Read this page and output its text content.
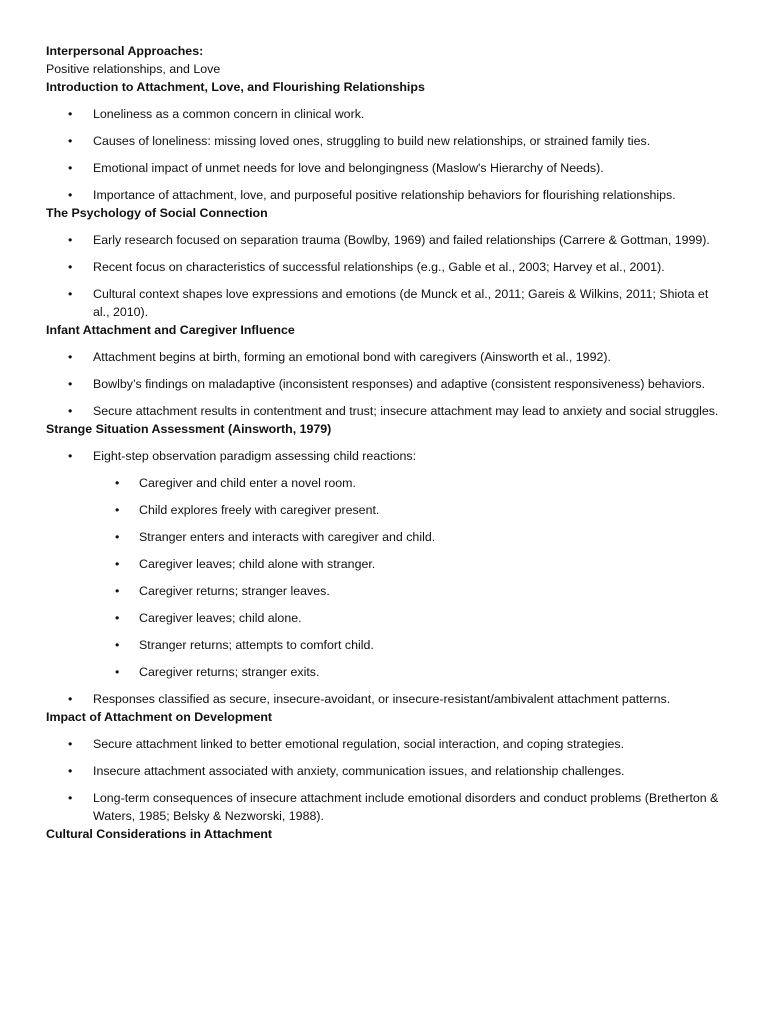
Interpersonal Approaches:
Positive relationships, and Love
Introduction to Attachment, Love, and Flourishing Relationships
• Loneliness as a common concern in clinical work.
• Causes of loneliness: missing loved ones, struggling to build new relationships, or strained family ties.
• Emotional impact of unmet needs for love and belongingness (Maslow's Hierarchy of Needs).
• Importance of attachment, love, and purposeful positive relationship behaviors for flourishing relationships.
The Psychology of Social Connection
• Early research focused on separation trauma (Bowlby, 1969) and failed relationships (Carrere & Gottman, 1999).
• Recent focus on characteristics of successful relationships (e.g., Gable et al., 2003; Harvey et al., 2001).
• Cultural context shapes love expressions and emotions (de Munck et al., 2011; Gareis & Wilkins, 2011; Shiota et al., 2010).
Infant Attachment and Caregiver Influence
• Attachment begins at birth, forming an emotional bond with caregivers (Ainsworth et al., 1992).
• Bowlby’s findings on maladaptive (inconsistent responses) and adaptive (consistent responsiveness) behaviors.
• Secure attachment results in contentment and trust; insecure attachment may lead to anxiety and social struggles.
Strange Situation Assessment (Ainsworth, 1979)
• Eight-step observation paradigm assessing child reactions:
• Caregiver and child enter a novel room.
• Child explores freely with caregiver present.
• Stranger enters and interacts with caregiver and child.
• Caregiver leaves; child alone with stranger.
• Caregiver returns; stranger leaves.
• Caregiver leaves; child alone.
• Stranger returns; attempts to comfort child.
• Caregiver returns; stranger exits.
• Responses classified as secure, insecure-avoidant, or insecure-resistant/ambivalent attachment patterns.
Impact of Attachment on Development
• Secure attachment linked to better emotional regulation, social interaction, and coping strategies.
• Insecure attachment associated with anxiety, communication issues, and relationship challenges.
• Long-term consequences of insecure attachment include emotional disorders and conduct problems (Bretherton & Waters, 1985; Belsky & Nezworski, 1988).
Cultural Considerations in Attachment
